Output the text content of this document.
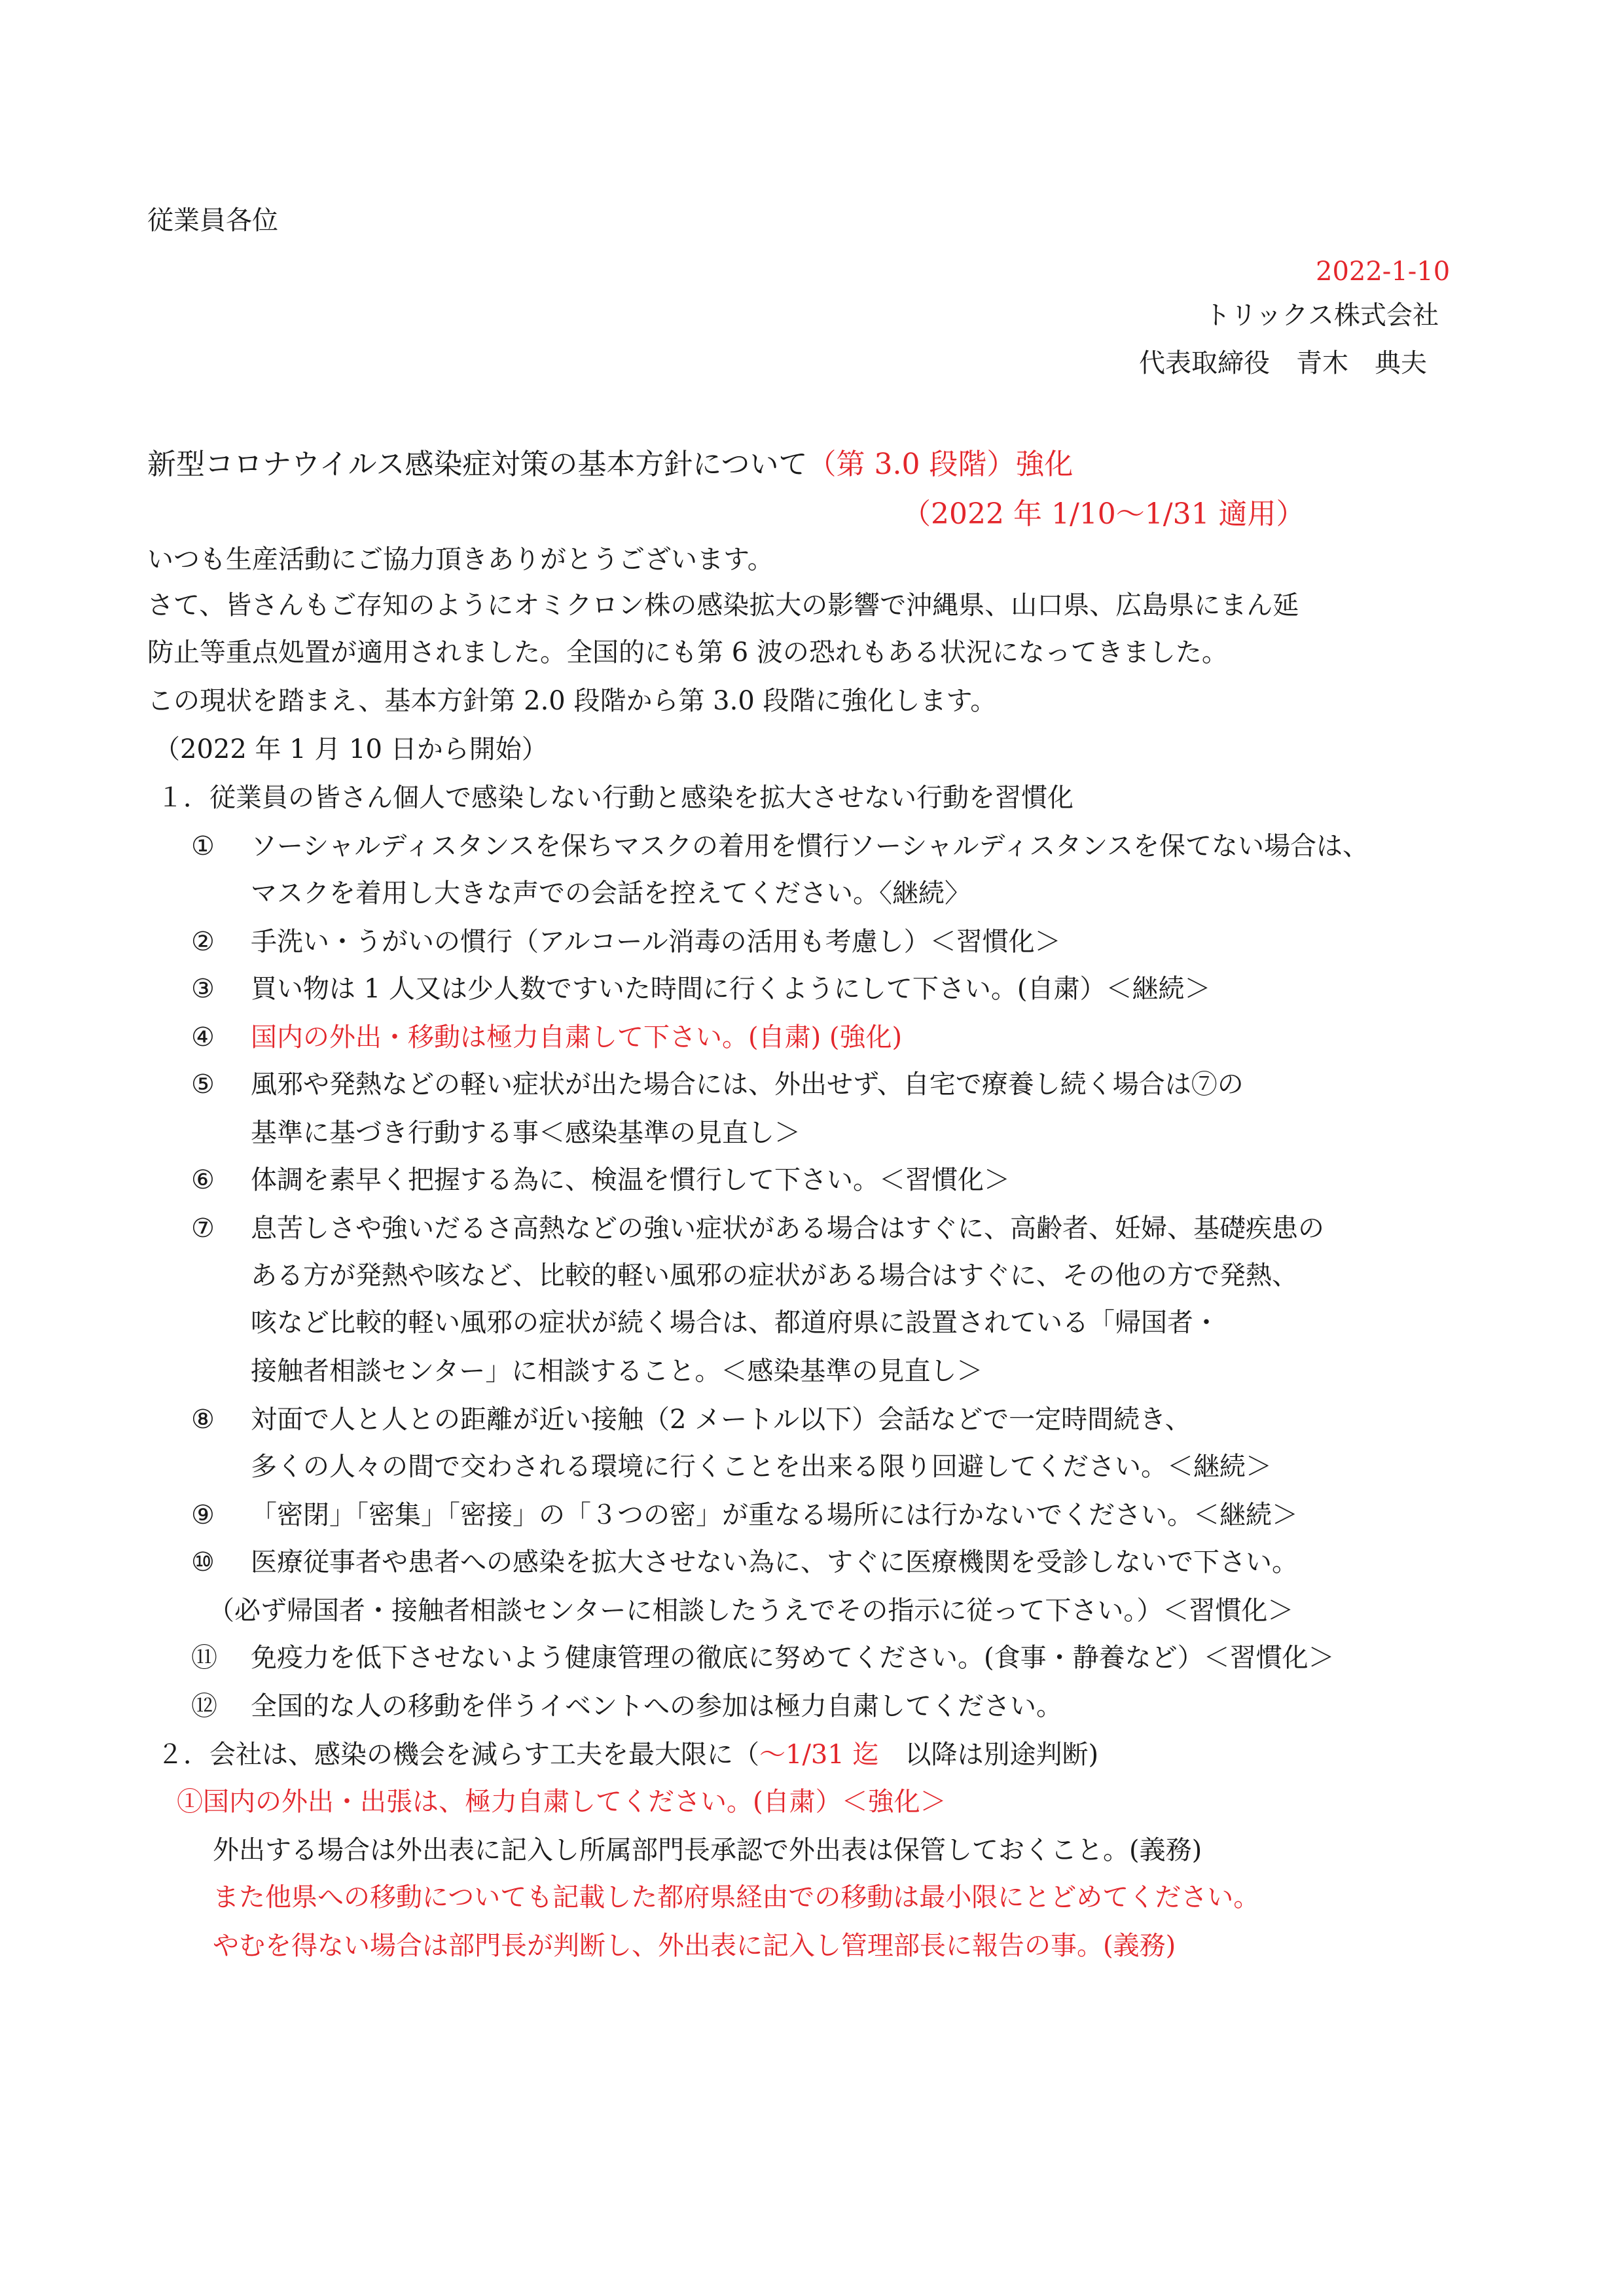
従業員各位
2022-1-10
トリックス株式会社
代表取締役　青木　典夫
新型コロナウイルス感染症対策の基本方針について（第 3.0 段階）強化
（2022 年 1/10～1/31 適用）
いつも生産活動にご協力頂きありがとうございます。
さて、皆さんもご存知のようにオミクロン株の感染拡大の影響で沖縄県、山口県、広島県にまん延
防止等重点処置が適用されました。全国的にも第 6 波の恐れもある状況になってきました。
この現状を踏まえ、基本方針第 2.0 段階から第 3.0 段階に強化します。
（2022 年 1 月 10 日から開始）
１．従業員の皆さん個人で感染しない行動と感染を拡大させない行動を習慣化
① ソーシャルディスタンスを保ちマスクの着用を慣行ソーシャルディスタンスを保てない場合は、
マスクを着用し大きな声での会話を控えてください。〈継続〉
② 手洗い・うがいの慣行（アルコール消毒の活用も考慮し）＜習慣化＞
③ 買い物は 1 人又は少人数ですいた時間に行くようにして下さい。(自粛）＜継続＞
④ 国内の外出・移動は極力自粛して下さい。(自粛) (強化)
⑤ 風邪や発熱などの軽い症状が出た場合には、外出せず、自宅で療養し続く場合は⑦の
基準に基づき行動する事＜感染基準の見直し＞
⑥ 体調を素早く把握する為に、検温を慣行して下さい。＜習慣化＞
⑦ 息苦しさや強いだるさ高熱などの強い症状がある場合はすぐに、高齢者、妊婦、基礎疾患の
ある方が発熱や咳など、比較的軽い風邪の症状がある場合はすぐに、その他の方で発熱、
咳など比較的軽い風邪の症状が続く場合は、都道府県に設置されている「帰国者・
接触者相談センター」に相談すること。＜感染基準の見直し＞
⑧ 対面で人と人との距離が近い接触（2 メートル以下）会話などで一定時間続き、
多くの人々の間で交わされる環境に行くことを出来る限り回避してください。＜継続＞
⑨ 「密閉」「密集」「密接」の「３つの密」が重なる場所には行かないでください。＜継続＞
⑩ 医療従事者や患者への感染を拡大させない為に、すぐに医療機関を受診しないで下さい。
（必ず帰国者・接触者相談センターに相談したうえでその指示に従って下さい。）＜習慣化＞
⑪ 免疫力を低下させないよう健康管理の徹底に努めてください。(食事・静養など）＜習慣化＞
⑫ 全国的な人の移動を伴うイベントへの参加は極力自粛してください。
２．会社は、感染の機会を減らす工夫を最大限に（～1/31 迄　以降は別途判断)
①国内の外出・出張は、極力自粛してください。(自粛）＜強化＞
外出する場合は外出表に記入し所属部門長承認で外出表は保管しておくこと。(義務)
また他県への移動についても記載した都府県経由での移動は最小限にとどめてください。
やむを得ない場合は部門長が判断し、外出表に記入し管理部長に報告の事。(義務)
